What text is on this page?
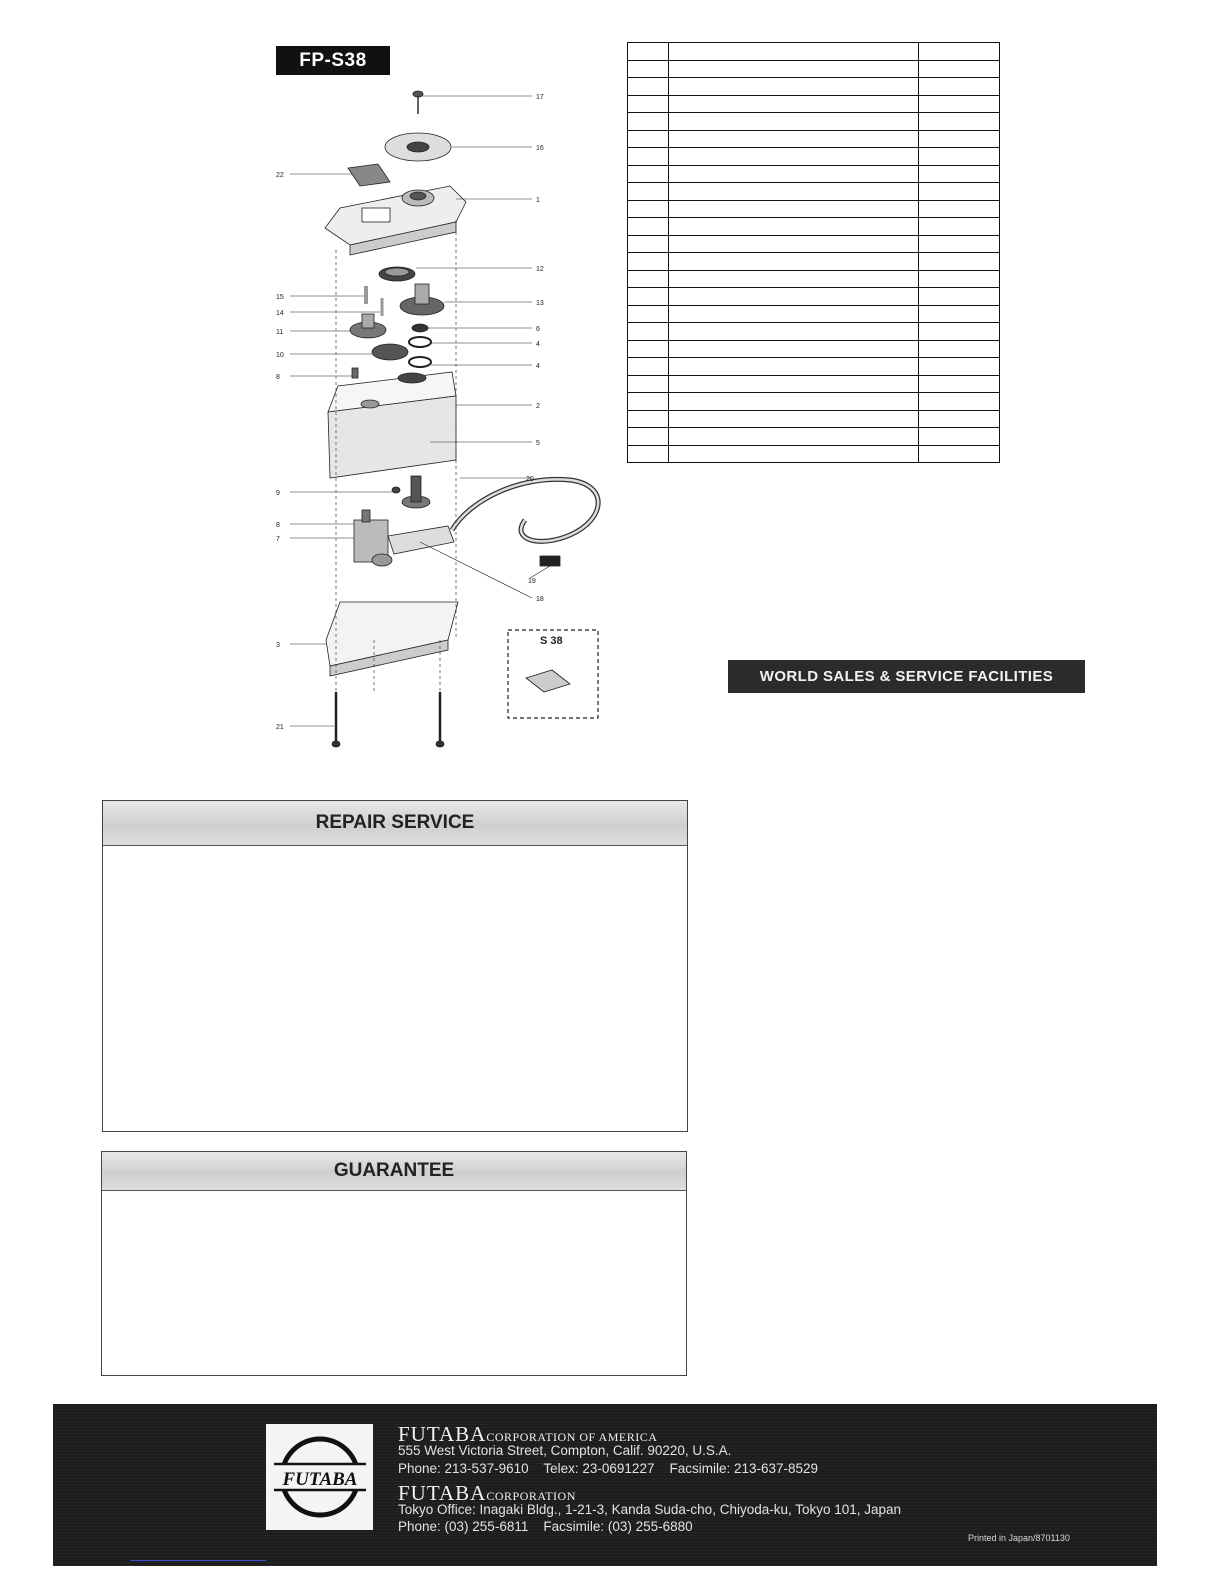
FP-S38
17
16
22
1
12
15
13
14
6
11
4
10
4
8
2
5
9
20
8
7
19
18
3
21
S 38

WORLD SALES & SERVICE FACILITIES
REPAIR SERVICE
GUARANTEE
FUTABA
FUTABACORPORATION OF AMERICA
555 West Victoria Street, Compton, Calif. 90220, U.S.A.
Phone: 213-537-9610    Telex: 23-0691227    Facsimile: 213-637-8529
FUTABACORPORATION
Tokyo Office: Inagaki Bldg., 1-21-3, Kanda Suda-cho, Chiyoda-ku, Tokyo 101, Japan
Phone: (03) 255-6811    Facsimile: (03) 255-6880
Printed in Japan/8701130
